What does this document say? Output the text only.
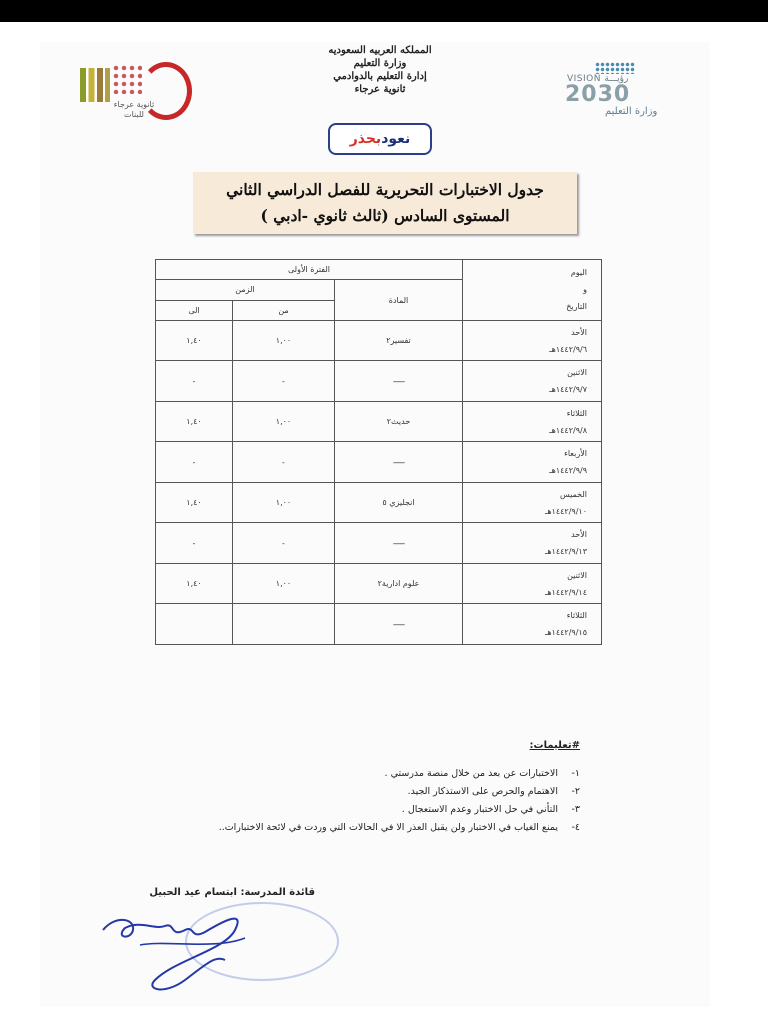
المملكه العربيه السعوديه
وزارة التعليم
إدارة التعليم بالدوادمي
ثانوية عرجاء
ثانوية عرجاء للبنات
VISION رؤيـــة
2030
وزارة التعليم
نعود
بحذر
جدول الاختبارات التحريرية للفصل الدراسي الثاني
المستوى السادس (ثالث ثانوي -ادبي )
اليوم
و
التاريخ	الفترة الأولى		
	المادة	الزمن	
		من	الى

الأحد
١٤٤٢/٩/٦هـ	تفسير٢	١,٠٠	١,٤٠

الاثنين
١٤٤٢/٩/٧هـ	------	-	-

الثلاثاء
١٤٤٢/٩/٨هـ	حديث٢	١,٠٠	١,٤٠

الأربعاء
١٤٤٢/٩/٩هـ	------	-	-

الخميس
١٤٤٢/٩/١٠هـ	انجليزي ٥	١,٠٠	١,٤٠

الأحد
١٤٤٢/٩/١٣هـ	------	-	-

الاثنين
١٤٤٢/٩/١٤هـ	علوم ادارية٢	١,٠٠	١,٤٠

الثلاثاء
١٤٤٢/٩/١٥هـ	------		
#تعليمات:
١-
الاختبارات عن بعد من خلال منصة مدرستي .
٢-
الاهتمام والحرص على الاستذكار الجيد.
٣-
التأني في حل الاختبار وعدم الاستعجال .
٤-
يمنع الغياب في الاختبار ولن يقبل العذر الا في الحالات التي وردت في لائحة الاختبارات..
قائدة المدرسة: ابتسام عيد الحبيل
